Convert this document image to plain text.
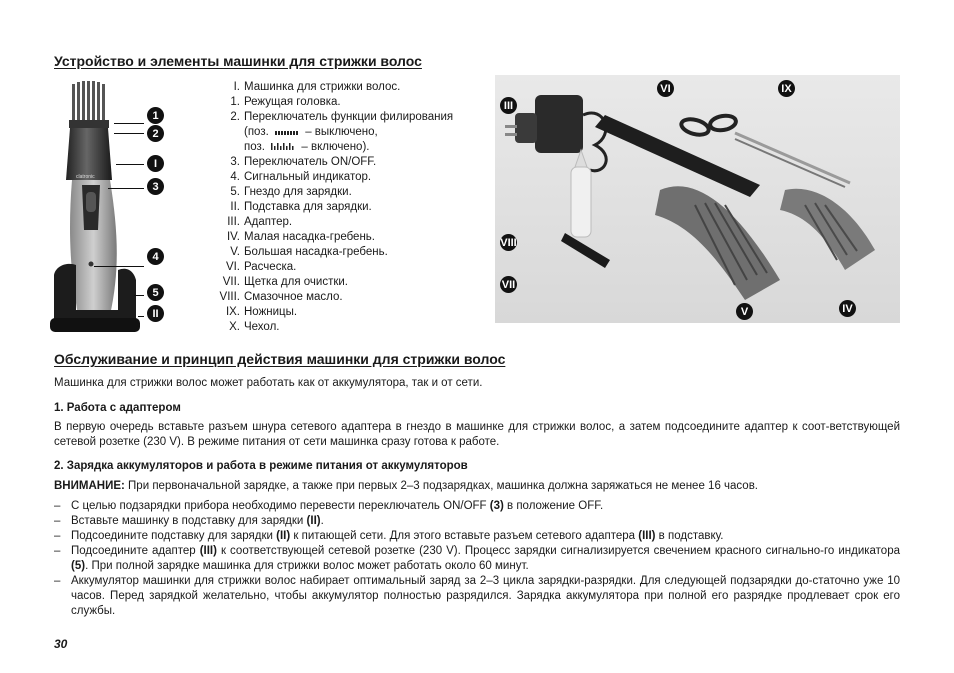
Устройство и элементы машинки для стрижки волос
clatronic
1
2
I
3
4
5
II
I. Машинка для стрижки волос.
1. Режущая головка.
2. Переключатель функции филирования
(поз.	– выключено,
поз.	– включено).
3. Переключатель ON/OFF.
4. Сигнальный индикатор.
5. Гнездо для зарядки.
II. Подставка для зарядки.
III. Адаптер.
IV. Малая насадка-гребень.
V. Большая насадка-гребень.
VI. Расческа.
VII. Щетка для очистки.
VIII. Смазочное масло.
IX. Ножницы.
X. Чехол.
III
VI	IX
VIII
VII
V	IV
Обслуживание и принцип действия машинки для стрижки волос
Машинка для стрижки волос может работать как от аккумулятора, так и от сети.
1. Работа с адаптером
В первую очередь вставьте разъем шнура сетевого адаптера в гнездо в машинке для стрижки волос, а затем подсоедините адаптер к соот-ветствующей сетевой розетке (230 V). В режиме питания от сети машинка сразу готова к работе.
2. Зарядка аккумуляторов и работа в режиме питания от аккумуляторов
ВНИМАНИЕ: При первоначальной зарядке, а также при первых 2–3 подзарядках, машинка должна заряжаться не менее 16 часов.
– С целью подзарядки прибора необходимо перевести переключатель ON/OFF (3) в положение OFF.
– Вставьте машинку в подставку для зарядки (II).
– Подсоедините подставку для зарядки (II) к питающей сети. Для этого вставьте разъем сетевого адаптера (III) в подставку.
– Подсоедините адаптер (III) к соответствующей сетевой розетке (230 V). Процесс зарядки сигнализируется свечением красного сигнально-го индикатора (5). При полной зарядке машинка для стрижки волос может работать около 60 минут.
– Аккумулятор машинки для стрижки волос набирает оптимальный заряд за 2–3 цикла зарядки-разрядки. Для следующей подзарядки до-статочно уже 10 часов. Перед зарядкой желательно, чтобы аккумулятор полностью разрядился. Зарядка аккумулятора при полной его разрядке продлевает срок его службы.
30
